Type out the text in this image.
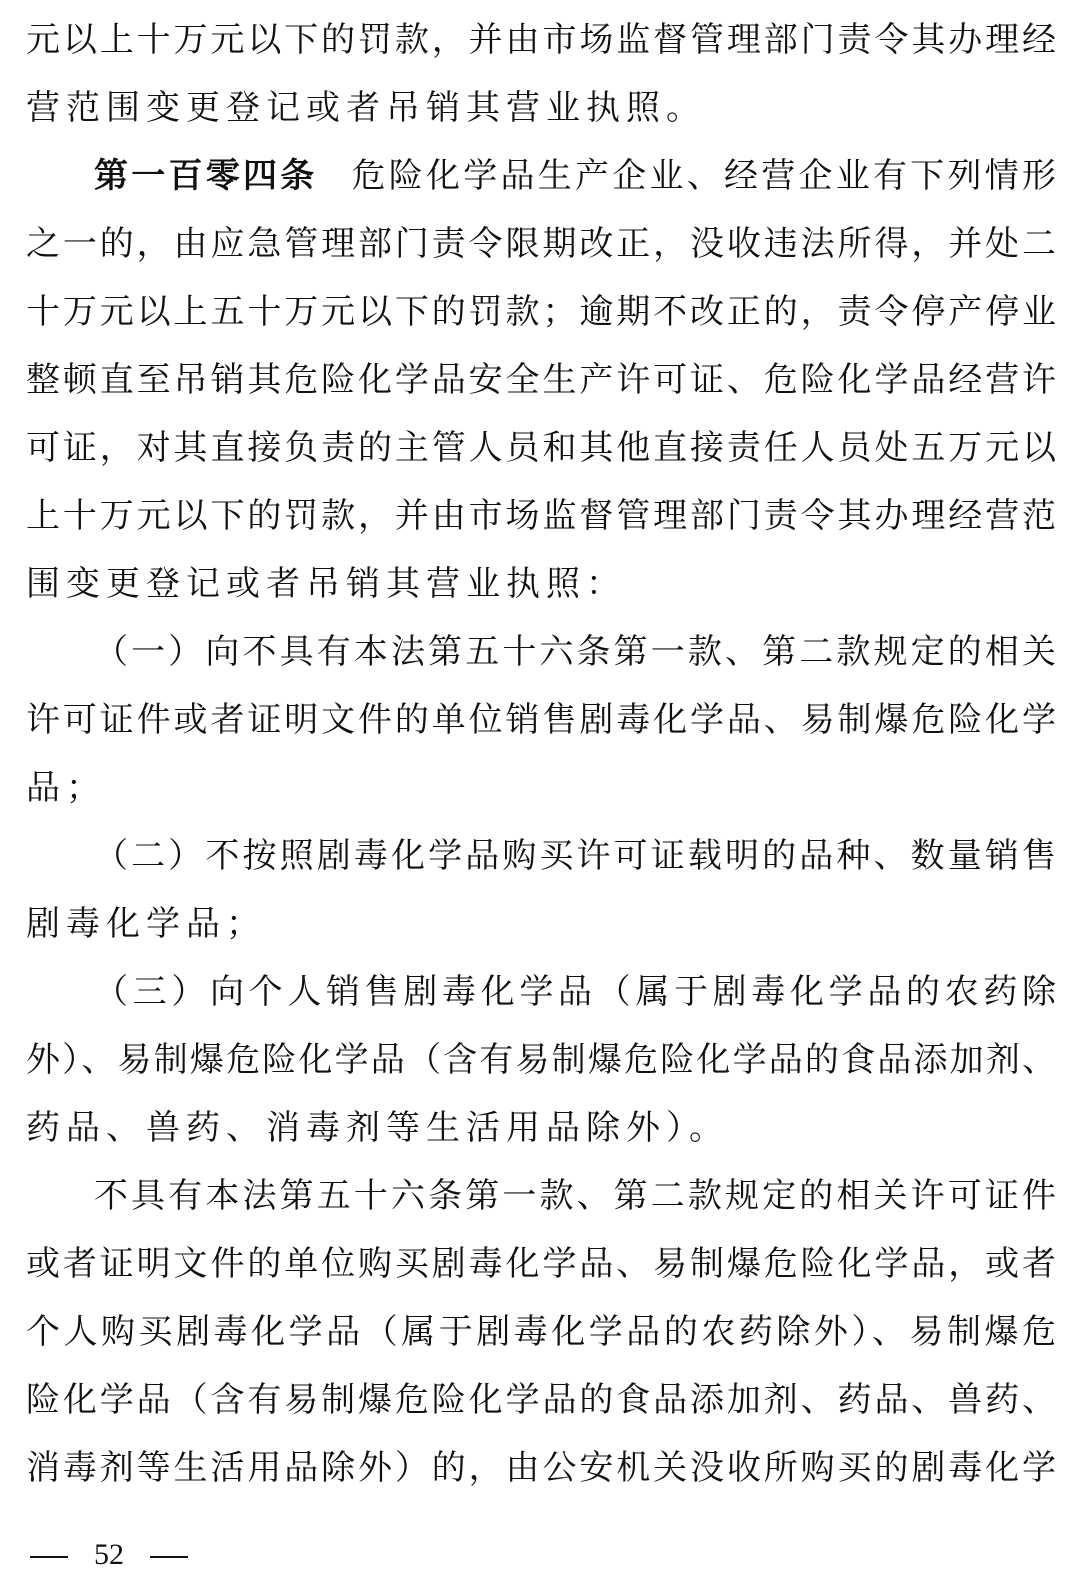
元以上十万元以下的罚款，并由市场监督管理部门责令其办理经
营范围变更登记或者吊销其营业执照。
第一百零四条 危险化学品生产企业、经营企业有下列情形
之一的，由应急管理部门责令限期改正，没收违法所得，并处二
十万元以上五十万元以下的罚款；逾期不改正的，责令停产停业
整顿直至吊销其危险化学品安全生产许可证、危险化学品经营许
可证，对其直接负责的主管人员和其他直接责任人员处五万元以
上十万元以下的罚款，并由市场监督管理部门责令其办理经营范
围变更登记或者吊销其营业执照：
（一）向不具有本法第五十六条第一款、第二款规定的相关
许可证件或者证明文件的单位销售剧毒化学品、易制爆危险化学
品；
（二）不按照剧毒化学品购买许可证载明的品种、数量销售
剧毒化学品；
（三）向个人销售剧毒化学品（属于剧毒化学品的农药除
外）、易制爆危险化学品（含有易制爆危险化学品的食品添加剂、
药品、兽药、消毒剂等生活用品除外）。
不具有本法第五十六条第一款、第二款规定的相关许可证件
或者证明文件的单位购买剧毒化学品、易制爆危险化学品，或者
个人购买剧毒化学品（属于剧毒化学品的农药除外）、易制爆危
险化学品（含有易制爆危险化学品的食品添加剂、药品、兽药、
消毒剂等生活用品除外）的，由公安机关没收所购买的剧毒化学
52
